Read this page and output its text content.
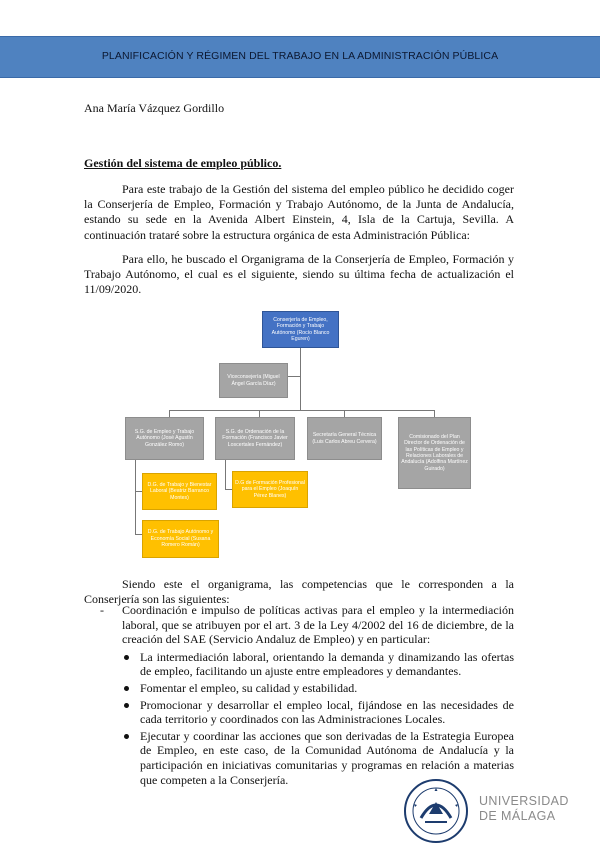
PLANIFICACIÓN Y RÉGIMEN DEL TRABAJO EN LA ADMINISTRACIÓN PÚBLICA
Ana María Vázquez Gordillo
Gestión del sistema de empleo público.

Para este trabajo de la Gestión del sistema del empleo público he decidido coger la Conserjería de Empleo, Formación y Trabajo Autónomo, de la Junta de Andalucía, estando su sede en la Avenida Albert Einstein, 4, Isla de la Cartuja, Sevilla. A continuación trataré sobre la estructura orgánica de esta Administración Pública:

Para ello, he buscado el Organigrama de la Conserjería de Empleo, Formación y Trabajo Autónomo, el cual es el siguiente, siendo su última fecha de actualización el 11/09/2020.

Conserjería de Empleo, Formación y Trabajo Autónomo (Rocío Blanco Eguren)
Viceconsejería (Miguel Ángel García Díaz)
S.G. de Empleo y Trabajo Autónomo (José Agustín González Romo)
S.G. de Ordenación de la Formación (Francisco Javier Loscertales Fernández)
Secretaría General Técnica (Luis Carlos Abreu Cervera)
Comisionado del Plan Director de Ordenación de las Políticas de Empleo y Relaciones Laborales de Andalucía (Adolfina Martínez Guirado)
D.G. de Trabajo y Bienestar Laboral (Beatriz Barranco Montes)
D.G de Formación Profesional para el Empleo (Joaquín Pérez Blanes)
D.G. de Trabajo Autónomo y Economía Social (Susana Romero Román)

Siendo este el organigrama, las competencias que le corresponden a la Conserjería son las siguientes:

- Coordinación e impulso de políticas activas para el empleo y la intermediación laboral, que se atribuyen por el art. 3 de la Ley 4/2002 del 16 de diciembre, de la creación del SAE (Servicio Andaluz de Empleo) y en particular:
La intermediación laboral, orientando la demanda y dinamizando las ofertas de empleo, facilitando un ajuste entre empleadores y demandantes.
Fomentar el empleo, su calidad y estabilidad.
Promocionar y desarrollar el empleo local, fijándose en las necesidades de cada territorio y coordinados con las Administraciones Locales.
Ejecutar y coordinar las acciones que son derivadas de la Estrategia Europea de Empleo, en este caso, de la Comunidad Autónoma de Andalucía y la participación en iniciativas comunitarias y programas en relación a materias que competen a la Conserjería.
UNIVERSIDAD
DE MÁLAGA
